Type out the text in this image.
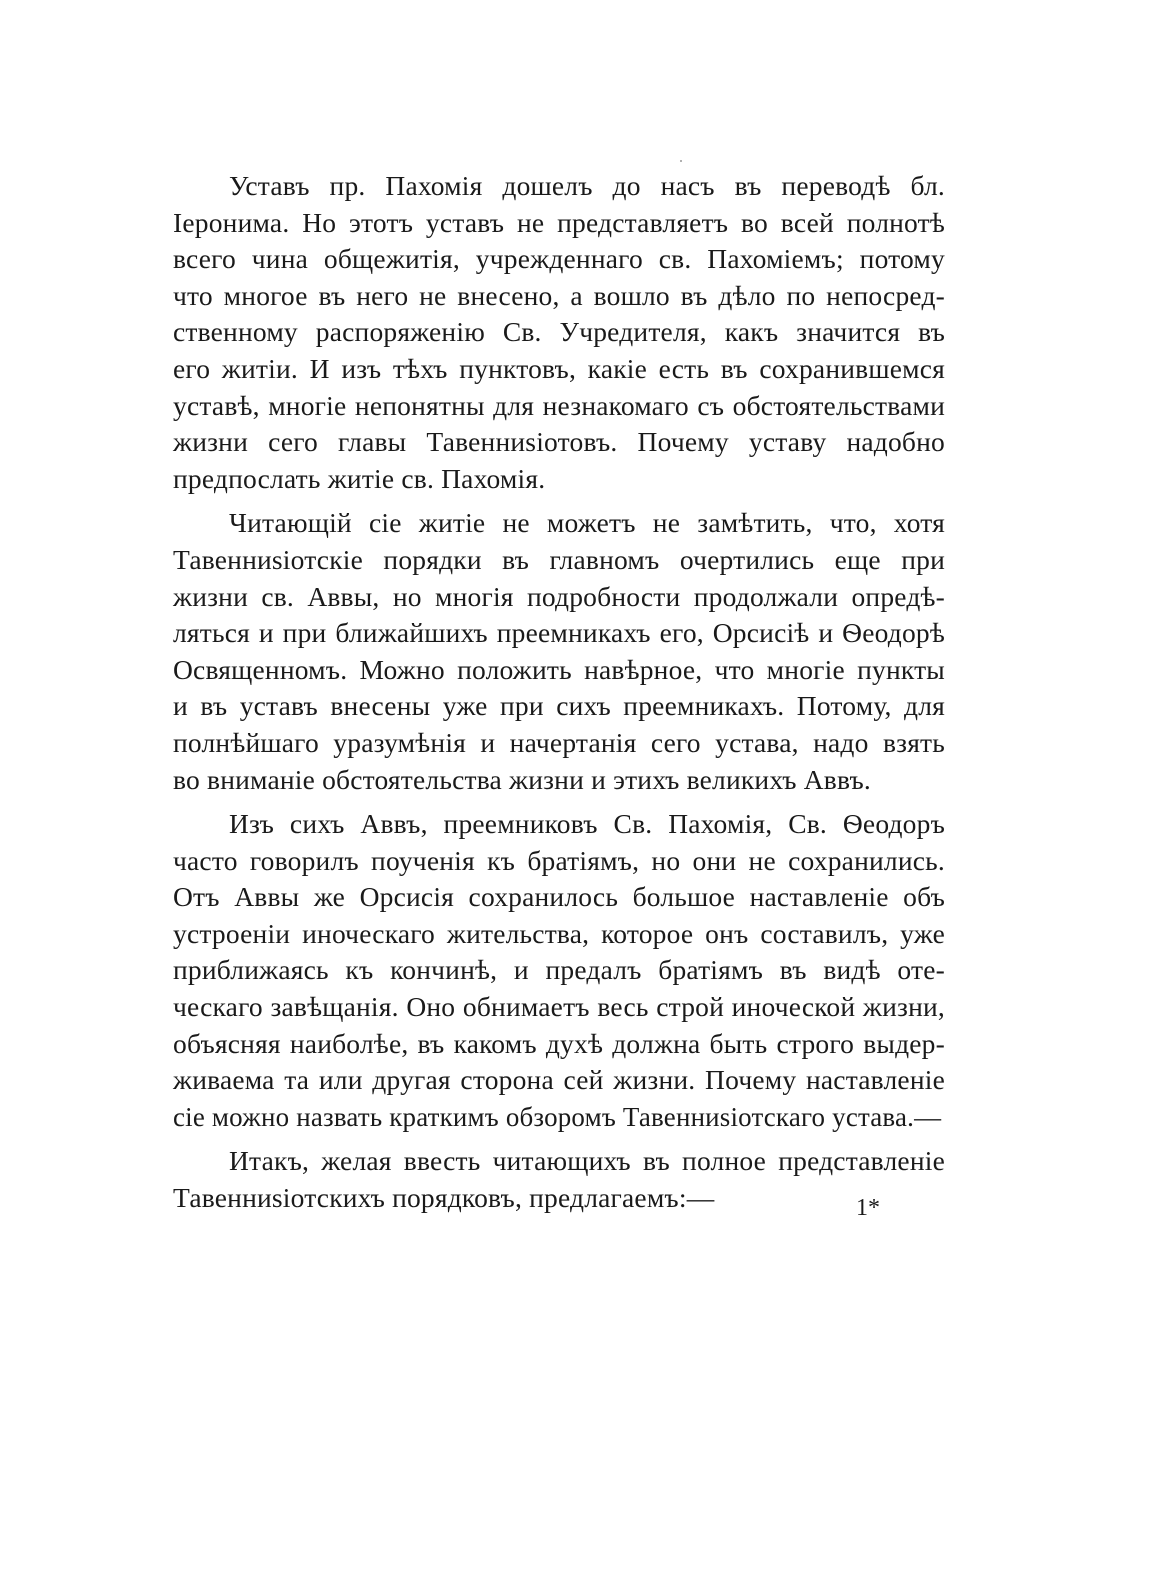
Уставъ пр. Пахомія дошелъ до насъ въ переводѣ бл.
Іеронима. Но этотъ уставъ не представляетъ во всей полнотѣ
всего чина общежитія, учрежденнаго св. Пахоміемъ; потому
что многое въ него не внесено, а вошло въ дѣло по непосред-
ственному распоряженію Св. Учредителя, какъ значится въ
его житіи. И изъ тѣхъ пунктовъ, какіе есть въ сохранившемся
уставѣ, многіе непонятны для незнакомаго съ обстоятельствами
жизни сего главы Тавенниsіотовъ. Почему уставу надобно
предпослать житіе св. Пахомія.
Читающій сіе житіе не можетъ не замѣтить, что, хотя
Тавенниsіотскіе порядки въ главномъ очертились еще при
жизни св. Аввы, но многія подробности продолжали опредѣ-
ляться и при ближайшихъ преемникахъ его, Орсисіѣ и Ѳеодорѣ
Освященномъ. Можно положить навѣрное, что многіе пункты
и въ уставъ внесены уже при сихъ преемникахъ. Потому, для
полнѣйшаго уразумѣнія и начертанія сего устава, надо взять
во вниманіе обстоятельства жизни и этихъ великихъ Аввъ.
Изъ сихъ Аввъ, преемниковъ Св. Пахомія, Св. Ѳеодоръ
часто говорилъ поученія къ братіямъ, но они не сохранились.
Отъ Аввы же Орсисія сохранилось большое наставленіе объ
устроеніи иноческаго жительства, которое онъ составилъ, уже
приближаясь къ кончинѣ, и предалъ братіямъ въ видѣ оте-
ческаго завѣщанія. Оно обнимаетъ весь строй иноческой жизни,
объясняя наиболѣе, въ какомъ духѣ должна быть строго выдер-
живаема та или другая сторона сей жизни. Почему наставленіе
сіе можно назвать краткимъ обзоромъ Тавенниsіотскаго устава.—
Итакъ, желая ввесть читающихъ въ полное представленіе
Тавенниsіотскихъ порядковъ, предлагаемъ:—	1*
